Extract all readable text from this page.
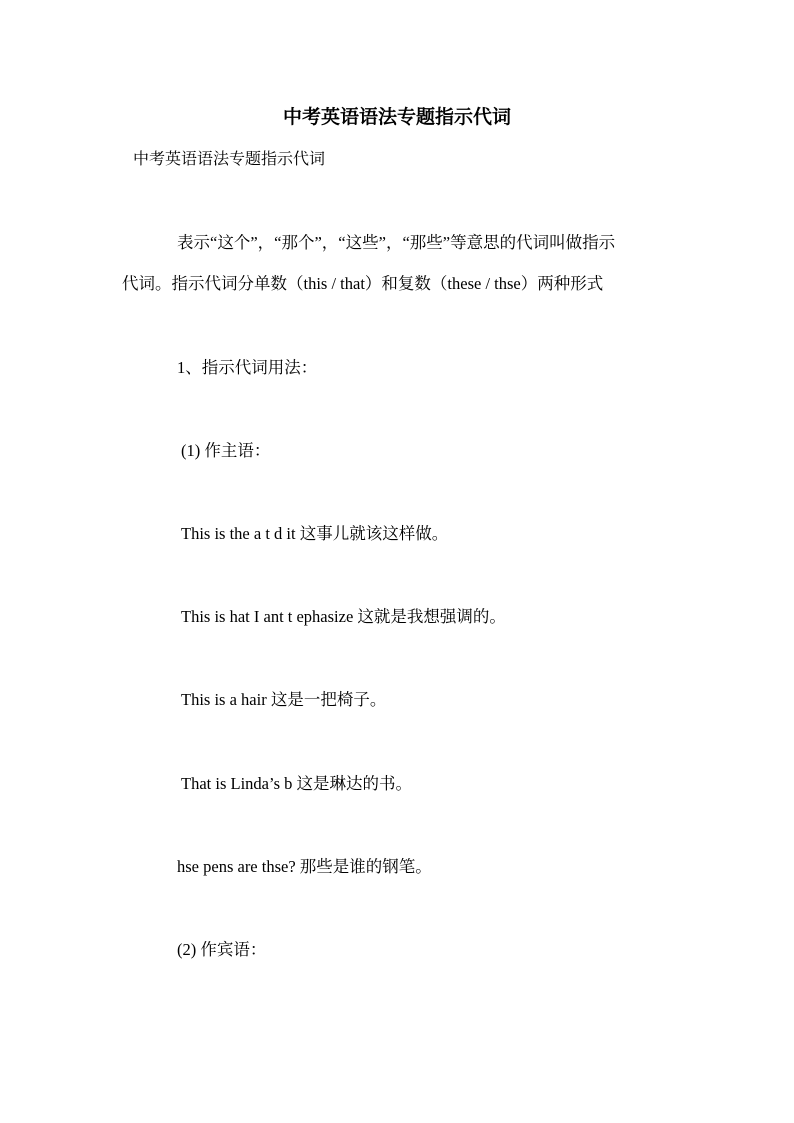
中考英语语法专题指示代词
中考英语语法专题指示代词
表示“这个”，“那个”，“这些”，“那些”等意思的代词叫做指示
代词。指示代词分单数（this / that）和复数（these / thse）两种形式
1、指示代词用法：
(1) 作主语：
This is the a t d it 这事儿就该这样做。
This is hat I ant t ephasize 这就是我想强调的。
This is a hair 这是一把椅子。
That is Linda’s b 这是琳达的书。
hse pens are thse? 那些是谁的钢笔。
(2) 作宾语：
